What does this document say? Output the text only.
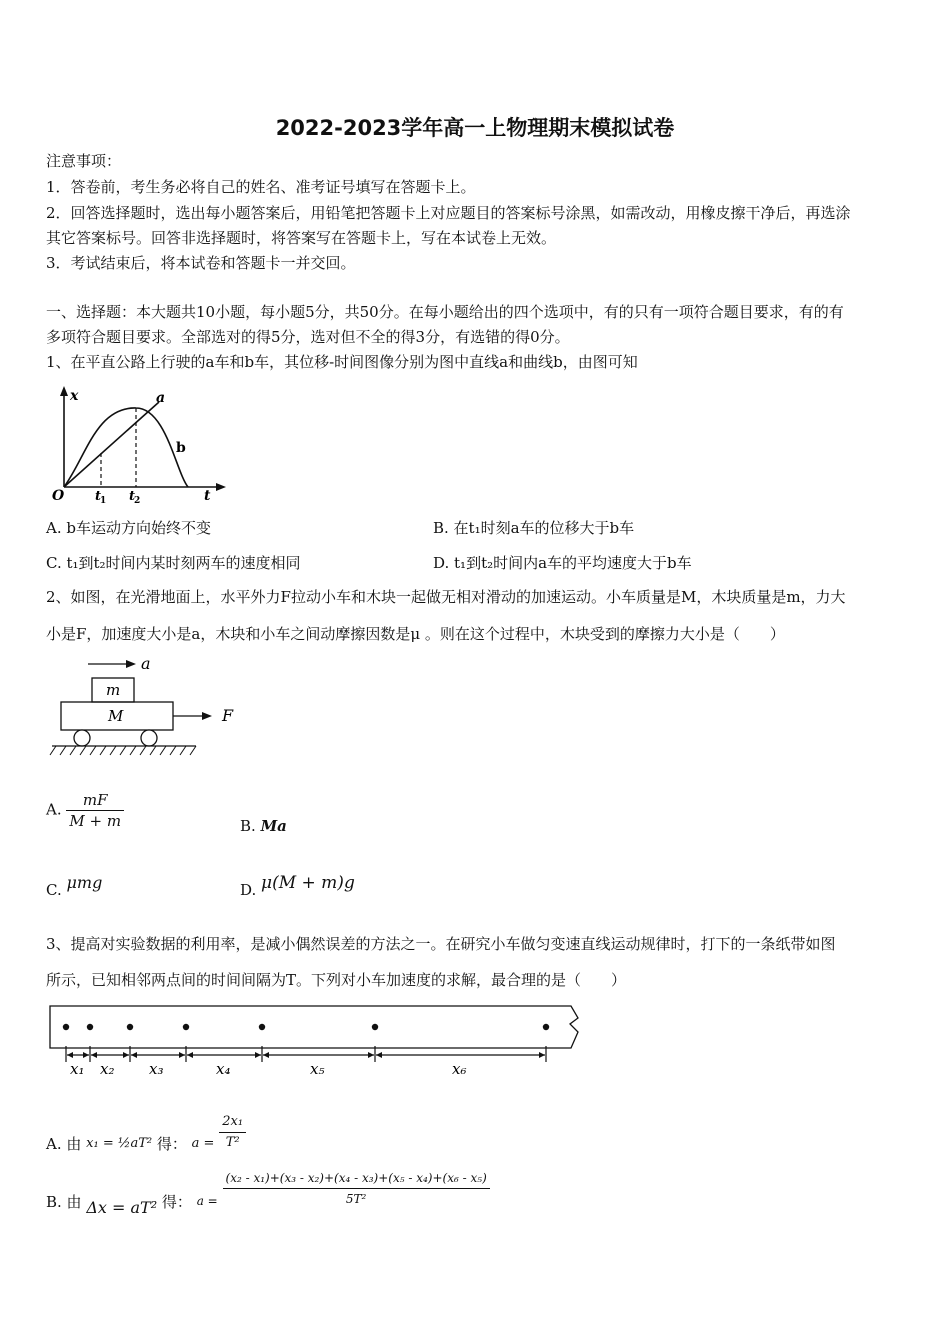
2022-2023学年高一上物理期末模拟试卷
注意事项：
1．答卷前，考生务必将自己的姓名、准考证号填写在答题卡上。
2．回答选择题时，选出每小题答案后，用铅笔把答题卡上对应题目的答案标号涂黑，如需改动，用橡皮擦干净后，再选涂
其它答案标号。回答非选择题时，将答案写在答题卡上，写在本试卷上无效。
3．考试结束后，将本试卷和答题卡一并交回。
一、选择题：本大题共10小题，每小题5分，共50分。在每小题给出的四个选项中，有的只有一项符合题目要求，有的有
多项符合题目要求。全部选对的得5分，选对但不全的得3分，有选错的得0分。
1、在平直公路上行驶的a车和b车，其位移-时间图像分别为图中直线a和曲线b，由图可知
x
t
O t
1 t
2
a
b
A. b车运动方向始终不变	B. 在t₁时刻a车的位移大于b车
C. t₁到t₂时间内某时刻两车的速度相同	D. t₁到t₂时间内a车的平均速度大于b车
2、如图，在光滑地面上，水平外力F拉动小车和木块一起做无相对滑动的加速运动。小车质量是M，木块质量是m，力大
小是F，加速度大小是a，木块和小车之间动摩擦因数是μ 。则在这个过程中，木块受到的摩擦力大小是（　　）
a
m
M	F
A. $\frac{mF}{M + m}$	B. Ma
C. μmg	D. μ(M + m)g
3、提高对实验数据的利用率，是减小偶然误差的方法之一。在研究小车做匀变速直线运动规律时，打下的一条纸带如图
所示，已知相邻两点间的时间间隔为T。下列对小车加速度的求解，最合理的是（　　）
x₁ x₂ x₃	x₄	x₅	x₆
A. 由 x₁ = ½aT² 得： $a = \frac{\text{2x₁}}{\text{T²}}$
B. 由 Δx = aT² 得： $_{a =} \frac{\text{(x₂ - x₁)+(x₃ - x₂)+(x₄ - x₃)+(x₅ - x₄)+(x₆ - x₅)}}{\text{5T²}}$
